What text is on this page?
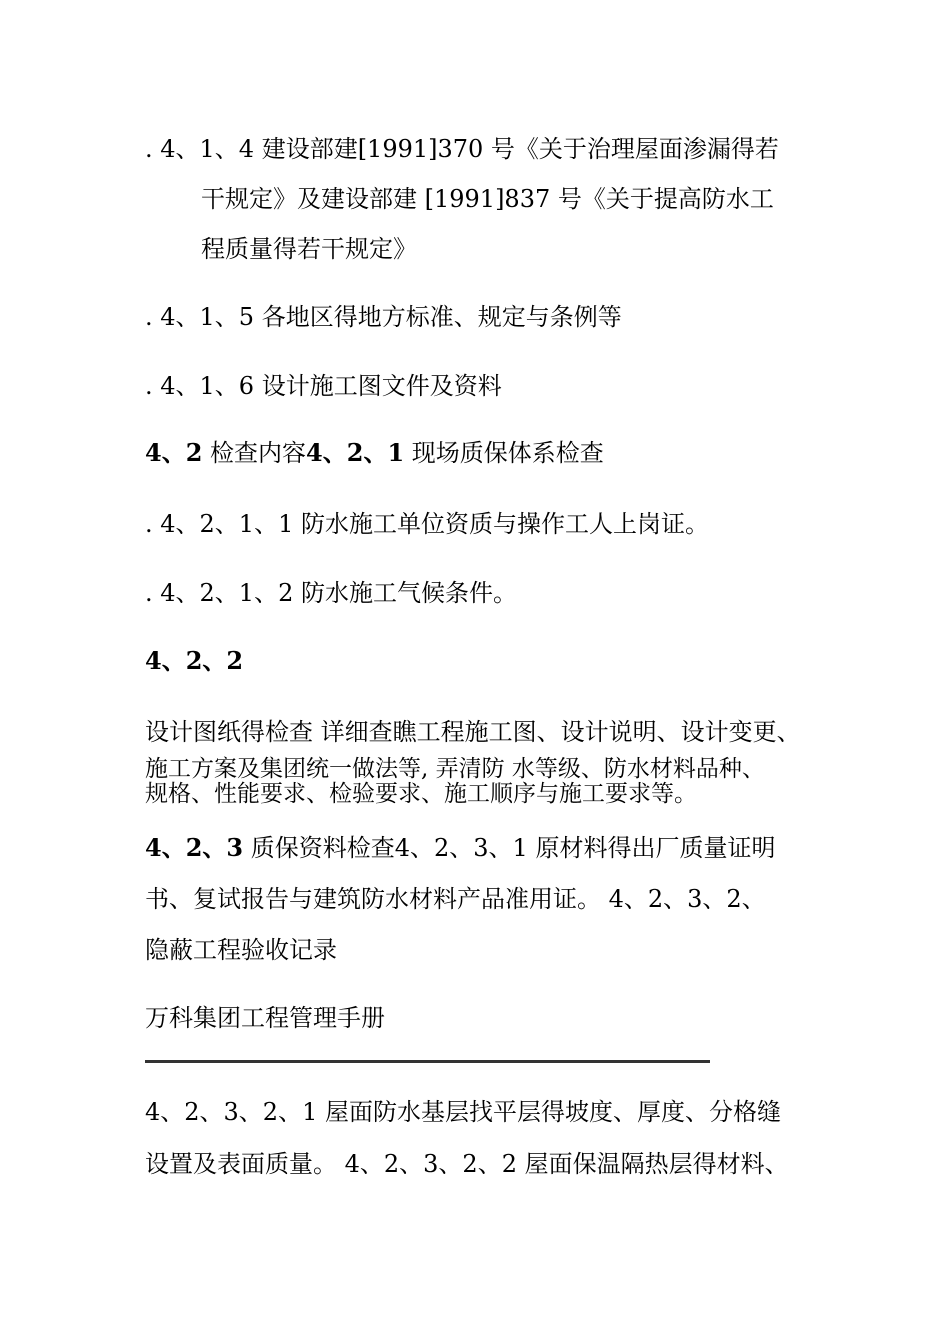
. 4、1、4 建设部建[1991]370 号《关于治理屋面渗漏得若
干规定》及建设部建 [1991]837 号《关于提高防水工
程质量得若干规定》
. 4、1、5 各地区得地方标准、规定与条例等
. 4、1、6 设计施工图文件及资料
4、2 检查内容4、2、1 现场质保体系检查
. 4、2、1、1 防水施工单位资质与操作工人上岗证。
. 4、2、1、2 防水施工气候条件。
4、2、2
设计图纸得检查 详细查瞧工程施工图、设计说明、设计变更、
施工方案及集团统一做法等, 弄清防 水等级、防水材料品种、
规格、性能要求、检验要求、施工顺序与施工要求等。
4、2、3 质保资料检查4、2、3、1 原材料得出厂质量证明
书、复试报告与建筑防水材料产品准用证。 4、2、3、2、
隐蔽工程验收记录
万科集团工程管理手册
4、2、3、2、1 屋面防水基层找平层得坡度、厚度、分格缝
设置及表面质量。 4、2、3、2、2 屋面保温隔热层得材料、
